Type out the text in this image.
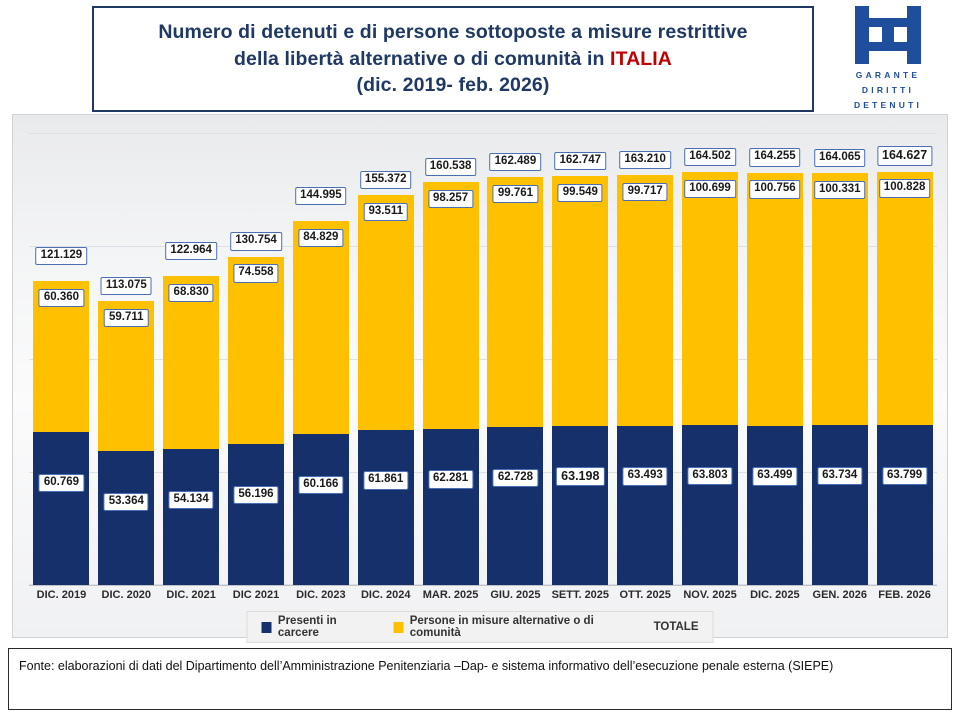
Numero di detenuti e di persone sottoposte a misure restrittive
della libertà alternative o di comunità in ITALIA
(dic. 2019- feb. 2026)	GARANTE
DIRITTI
DETENUTI
121.129
60.360
60.769
113.075
59.711
53.364
122.964
68.830
54.134
130.754
74.558
56.196
144.995
84.829
60.166
155.372
93.511
61.861
160.538
98.257
62.281
162.489
99.761
62.728
162.747
99.549
63.198
163.210
99.717
63.493
164.502
100.699
63.803
164.255
100.756
63.499
164.065
100.331
63.734
164.627
100.828
63.799
DIC. 2019	DIC. 2020	DIC. 2021	DIC 2021	DIC. 2023	DIC. 2024	MAR. 2025	GIU. 2025	SETT. 2025 OTT. 2025	NOV. 2025	DIC. 2025	GEN. 2026	FEB. 2026
Presenti in carcere
Persone in misure alternative o di comunità	TOTALE
Fonte: elaborazioni di dati del Dipartimento dell’Amministrazione Penitenziaria –Dap- e sistema informativo dell’esecuzione penale esterna (SIEPE)
